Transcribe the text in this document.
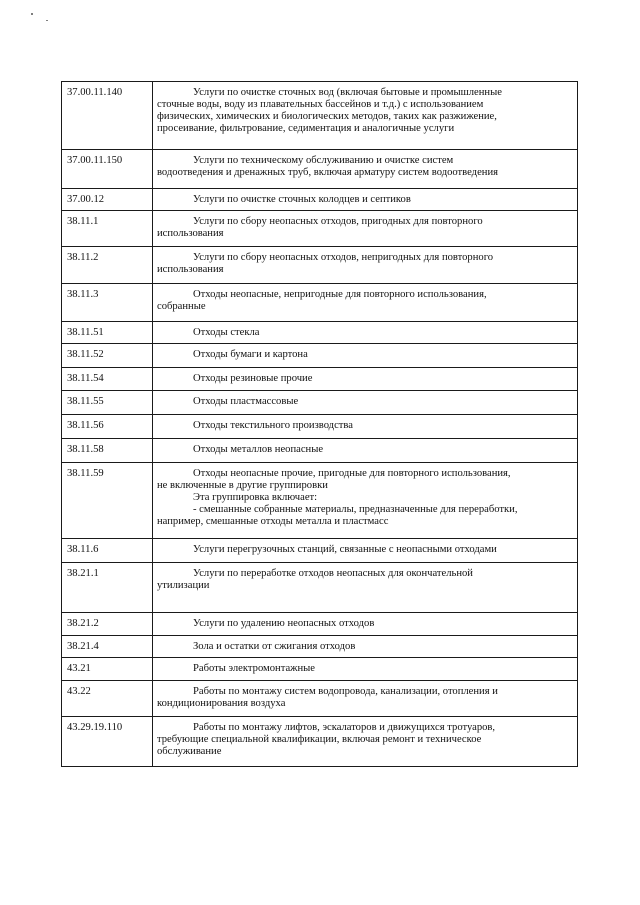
37.00.11.140	Услуги по очистке сточных вод (включая бытовые и промышленные
сточные воды, воду из плавательных бассейнов и т.д.) с использованием
физических, химических и биологических методов, таких как разжижение,
просеивание, фильтрование, седиментация и аналогичные услуги

37.00.11.150	Услуги по техническому обслуживанию и очистке систем
водоотведения и дренажных труб, включая арматуру систем водоотведения

37.00.12	Услуги по очистке сточных колодцев и септиков

38.11.1	Услуги по сбору неопасных отходов, пригодных для повторного
использования

38.11.2	Услуги по сбору неопасных отходов, непригодных для повторного
использования

38.11.3	Отходы неопасные, непригодные для повторного использования,
собранные

38.11.51	Отходы стекла

38.11.52	Отходы бумаги и картона

38.11.54	Отходы резиновые прочие

38.11.55	Отходы пластмассовые

38.11.56	Отходы текстильного производства

38.11.58	Отходы металлов неопасные

38.11.59	Отходы неопасные прочие, пригодные для повторного использования,
не включенные в другие группировки
Эта группировка включает:
- смешанные собранные материалы, предназначенные для переработки,
например, смешанные отходы металла и пластмасс

38.11.6	Услуги перегрузочных станций, связанные с неопасными отходами

38.21.1	Услуги по переработке отходов неопасных для окончательной
утилизации

38.21.2	Услуги по удалению неопасных отходов

38.21.4	Зола и остатки от сжигания отходов

43.21	Работы электромонтажные

43.22	Работы по монтажу систем водопровода, канализации, отопления и
кондиционирования воздуха

43.29.19.110	Работы по монтажу лифтов, эскалаторов и движущихся тротуаров,
требующие специальной квалификации, включая ремонт и техническое
обслуживание
